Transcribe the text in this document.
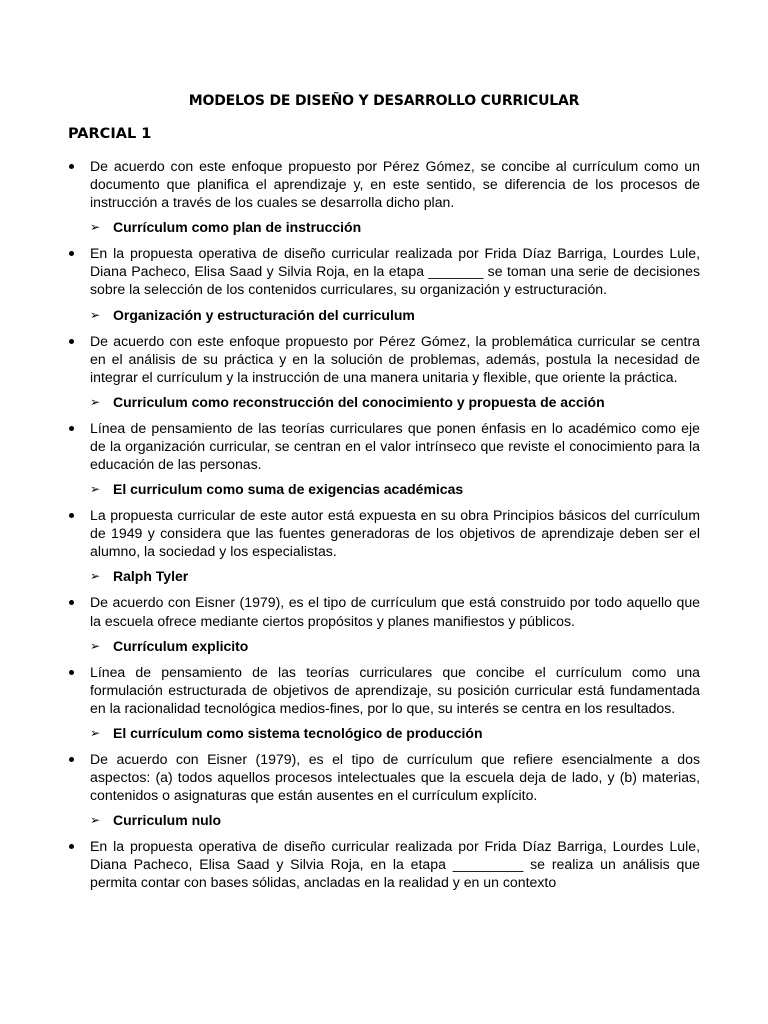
MODELOS DE DISEÑO Y DESARROLLO CURRICULAR
PARCIAL 1
De acuerdo con este enfoque propuesto por Pérez Gómez, se concibe al currículum como un documento que planifica el aprendizaje y, en este sentido, se diferencia de los procesos de instrucción a través de los cuales se desarrolla dicho plan.
➢ Currículum como plan de instrucción
En la propuesta operativa de diseño curricular realizada por Frida Díaz Barriga, Lourdes Lule, Diana Pacheco, Elisa Saad y Silvia Roja, en la etapa _______ se toman una serie de decisiones sobre la selección de los contenidos curriculares, su organización y estructuración.
➢ Organización y estructuración del curriculum
De acuerdo con este enfoque propuesto por Pérez Gómez, la problemática curricular se centra en el análisis de su práctica y en la solución de problemas, además, postula la necesidad de integrar el currículum y la instrucción de una manera unitaria y flexible, que oriente la práctica.
➢ Curriculum como reconstrucción del conocimiento y propuesta de acción
Línea de pensamiento de las teorías curriculares que ponen énfasis en lo académico como eje de la organización curricular, se centran en el valor intrínseco que reviste el conocimiento para la educación de las personas.
➢ El curriculum como suma de exigencias académicas
La propuesta curricular de este autor está expuesta en su obra Principios básicos del currículum de 1949 y considera que las fuentes generadoras de los objetivos de aprendizaje deben ser el alumno, la sociedad y los especialistas.
➢ Ralph Tyler
De acuerdo con Eisner (1979), es el tipo de currículum que está construido por todo aquello que la escuela ofrece mediante ciertos propósitos y planes manifiestos y públicos.
➢ Currículum explicito
Línea de pensamiento de las teorías curriculares que concibe el currículum como una formulación estructurada de objetivos de aprendizaje, su posición curricular está fundamentada en la racionalidad tecnológica medios-fines, por lo que, su interés se centra en los resultados.
➢ El currículum como sistema tecnológico de producción
De acuerdo con Eisner (1979), es el tipo de currículum que refiere esencialmente a dos aspectos: (a) todos aquellos procesos intelectuales que la escuela deja de lado, y (b) materias, contenidos o asignaturas que están ausentes en el currículum explícito.
➢ Curriculum nulo
En la propuesta operativa de diseño curricular realizada por Frida Díaz Barriga, Lourdes Lule, Diana Pacheco, Elisa Saad y Silvia Roja, en la etapa _________ se realiza un análisis que permita contar con bases sólidas, ancladas en la realidad y en un contexto
